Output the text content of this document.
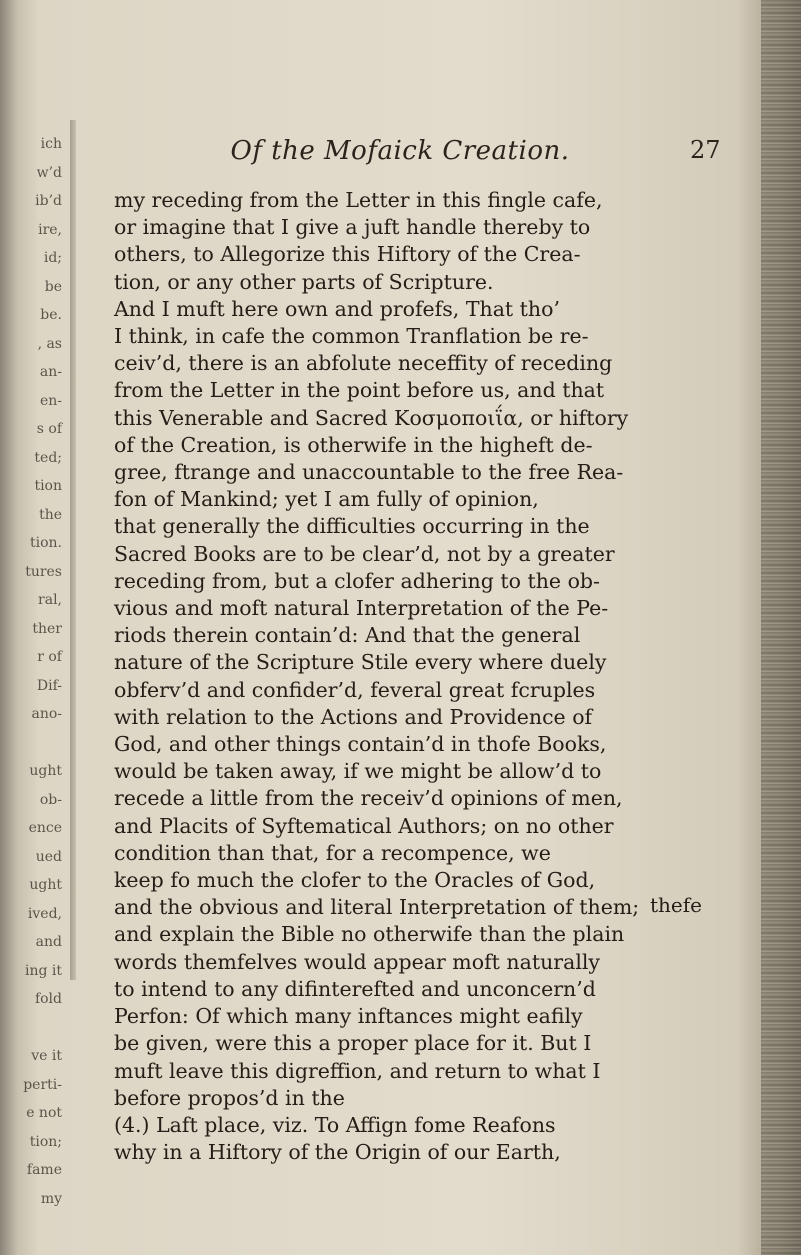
ich
w’d
ib’d
ire,
id;
be
be.
, as
an-
en-
s of
ted;
tion
the
tion.
tures
ral,
ther
r of
Dif-
ano-

ught
ob-
ence
ued
ught
ived,
and
ing it
fold

ve it
perti-
e not
tion;
fame
my
Of the Mofaick Creation.	27
my receding from the Letter in this fingle cafe,
or imagine that I give a juft handle thereby to
others, to Allegorize this Hiftory of the Crea-
tion, or any other parts of Scripture.
And I muft here own and profefs, That tho’
I think, in cafe the common Tranflation be re-
ceiv’d, there is an abfolute neceffity of receding
from the Letter in the point before us, and that
this Venerable and Sacred Κοσμοποιΐα, or hiftory
of the Creation, is otherwife in the higheft de-
gree, ftrange and unaccountable to the free Rea-
fon of Mankind; yet I am fully of opinion,
that generally the difficulties occurring in the
Sacred Books are to be clear’d, not by a greater
receding from, but a clofer adhering to the ob-
vious and moft natural Interpretation of the Pe-
riods therein contain’d: And that the general
nature of the Scripture Stile every where duely
obferv’d and confider’d, feveral great fcruples
with relation to the Actions and Providence of
God, and other things contain’d in thofe Books,
would be taken away, if we might be allow’d to
recede a little from the receiv’d opinions of men,
and Placits of Syftematical Authors; on no other
condition than that, for a recompence, we
keep fo much the clofer to the Oracles of God,
and the obvious and literal Interpretation of them;
and explain the Bible no otherwife than the plain
words themfelves would appear moft naturally
to intend to any difinterefted and unconcern’d
Perfon: Of which many inftances might eafily
be given, were this a proper place for it. But I
muft leave this digreffion, and return to what I
before propos’d in the
(4.) Laft place, viz. To Affign fome Reafons
why in a Hiftory of the Origin of our Earth,
thefe
